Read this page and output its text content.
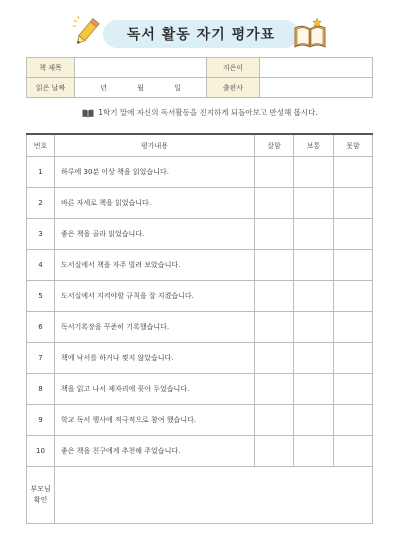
독서 활동 자기 평가표
책 제목		지은이	
읽은 날짜	년 월 일	출판사	
1학기 말에 자신의 독서활동을 진지하게 되돌아보고 반성해 봅시다.
번호	평가내용	잘함	보통	못함
1	하루에 30분 이상 책을 읽었습니다.			
2	바른 자세로 책을 읽었습니다.			
3	좋은 책을 골라 읽었습니다.			
4	도서실에서 책을 자주 빌려 보았습니다.			
5	도서실에서 지켜야할 규칙을 잘 지켰습니다.			
6	독서기록장을 꾸준히 기록했습니다.			
7	책에 낙서를 하거나 찢지 않았습니다.			
8	책을 읽고 나서 제자리에 꽂아 두었습니다.			
9	학교 독서 행사에 적극적으로 참여 했습니다.			
10	좋은 책을 친구에게 추천해 주었습니다.			
부모님
확인				
